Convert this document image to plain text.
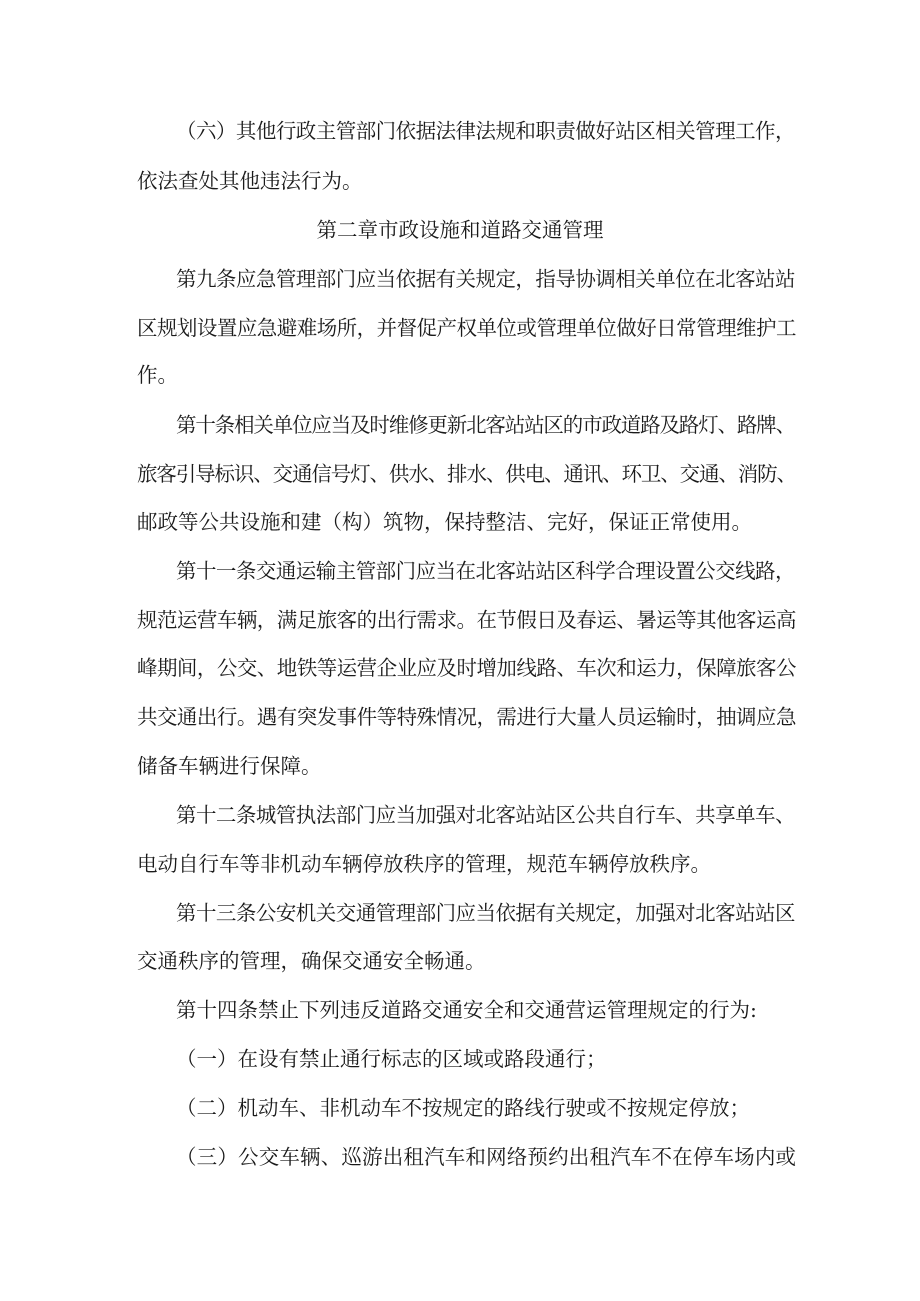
（六）其他行政主管部门依据法律法规和职责做好站区相关管理工作，
依法查处其他违法行为。
第二章市政设施和道路交通管理
第九条应急管理部门应当依据有关规定，指导协调相关单位在北客站站
区规划设置应急避难场所，并督促产权单位或管理单位做好日常管理维护工
作。
第十条相关单位应当及时维修更新北客站站区的市政道路及路灯、路牌、
旅客引导标识、交通信号灯、供水、排水、供电、通讯、环卫、交通、消防、
邮政等公共设施和建（构）筑物，保持整洁、完好，保证正常使用。
第十一条交通运输主管部门应当在北客站站区科学合理设置公交线路，
规范运营车辆，满足旅客的出行需求。在节假日及春运、暑运等其他客运高
峰期间，公交、地铁等运营企业应及时增加线路、车次和运力，保障旅客公
共交通出行。遇有突发事件等特殊情况，需进行大量人员运输时，抽调应急
储备车辆进行保障。
第十二条城管执法部门应当加强对北客站站区公共自行车、共享单车、
电动自行车等非机动车辆停放秩序的管理，规范车辆停放秩序。
第十三条公安机关交通管理部门应当依据有关规定，加强对北客站站区
交通秩序的管理，确保交通安全畅通。
第十四条禁止下列违反道路交通安全和交通营运管理规定的行为:
（一）在设有禁止通行标志的区域或路段通行；
（二）机动车、非机动车不按规定的路线行驶或不按规定停放；
（三）公交车辆、巡游出租汽车和网络预约出租汽车不在停车场内或
